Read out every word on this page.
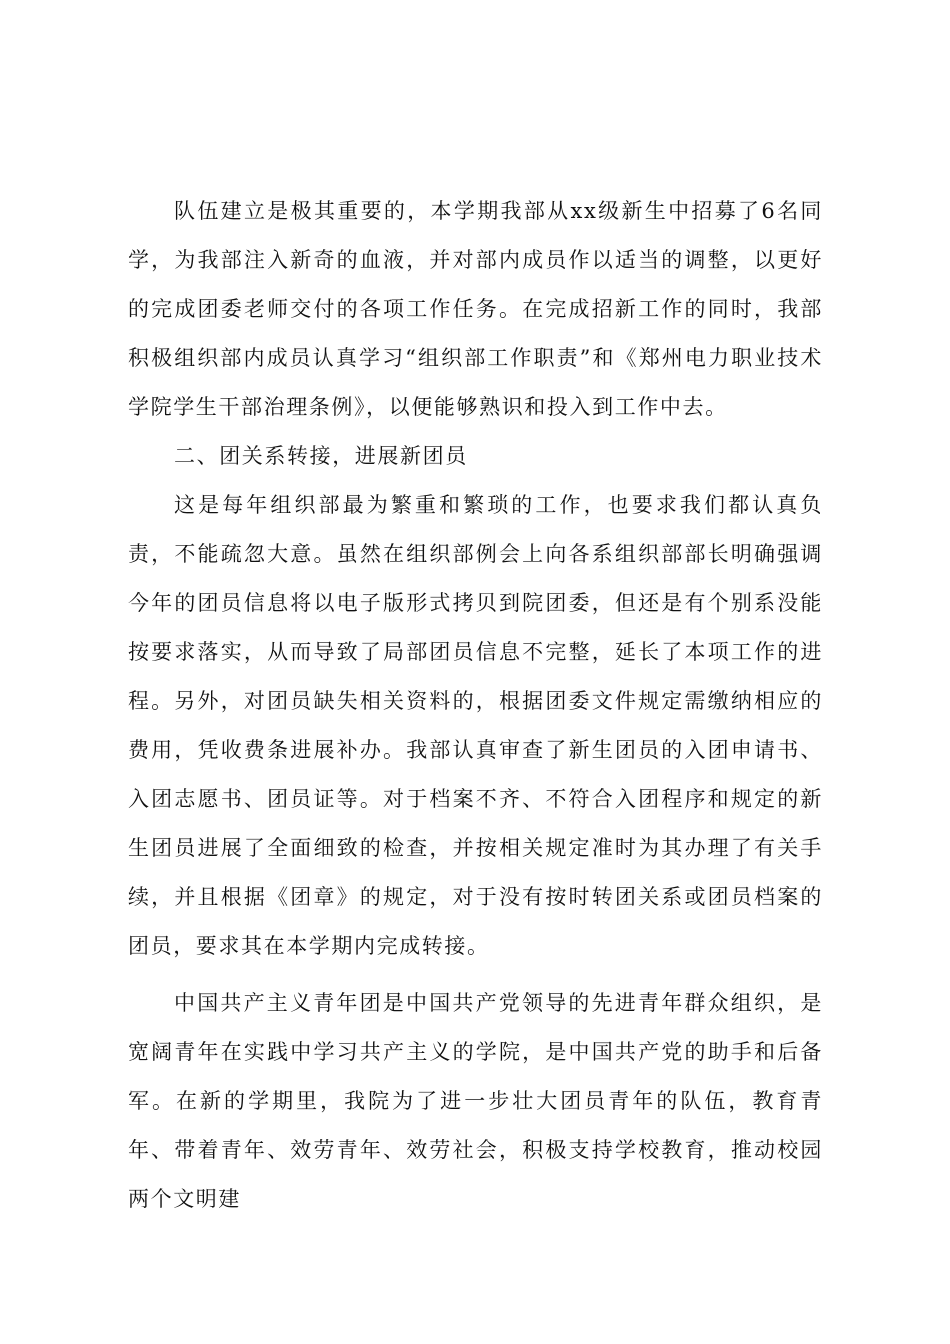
队伍建立是极其重要的，本学期我部从xx级新生中招募了6名同学，为我部注入新奇的血液，并对部内成员作以适当的调整，以更好的完成团委老师交付的各项工作任务。在完成招新工作的同时，我部积极组织部内成员认真学习“组织部工作职责”和《郑州电力职业技术学院学生干部治理条例》，以便能够熟识和投入到工作中去。

二、团关系转接，进展新团员

这是每年组织部最为繁重和繁琐的工作，也要求我们都认真负责，不能疏忽大意。虽然在组织部例会上向各系组织部部长明确强调今年的团员信息将以电子版形式拷贝到院团委，但还是有个别系没能按要求落实，从而导致了局部团员信息不完整，延长了本项工作的进程。另外，对团员缺失相关资料的，根据团委文件规定需缴纳相应的费用，凭收费条进展补办。我部认真审查了新生团员的入团申请书、入团志愿书、团员证等。对于档案不齐、不符合入团程序和规定的新生团员进展了全面细致的检查，并按相关规定准时为其办理了有关手续，并且根据《团章》的规定，对于没有按时转团关系或团员档案的团员，要求其在本学期内完成转接。

中国共产主义青年团是中国共产党领导的先进青年群众组织，是宽阔青年在实践中学习共产主义的学院，是中国共产党的助手和后备军。在新的学期里，我院为了进一步壮大团员青年的队伍，教育青年、带着青年、效劳青年、效劳社会，积极支持学校教育，推动校园两个文明建
